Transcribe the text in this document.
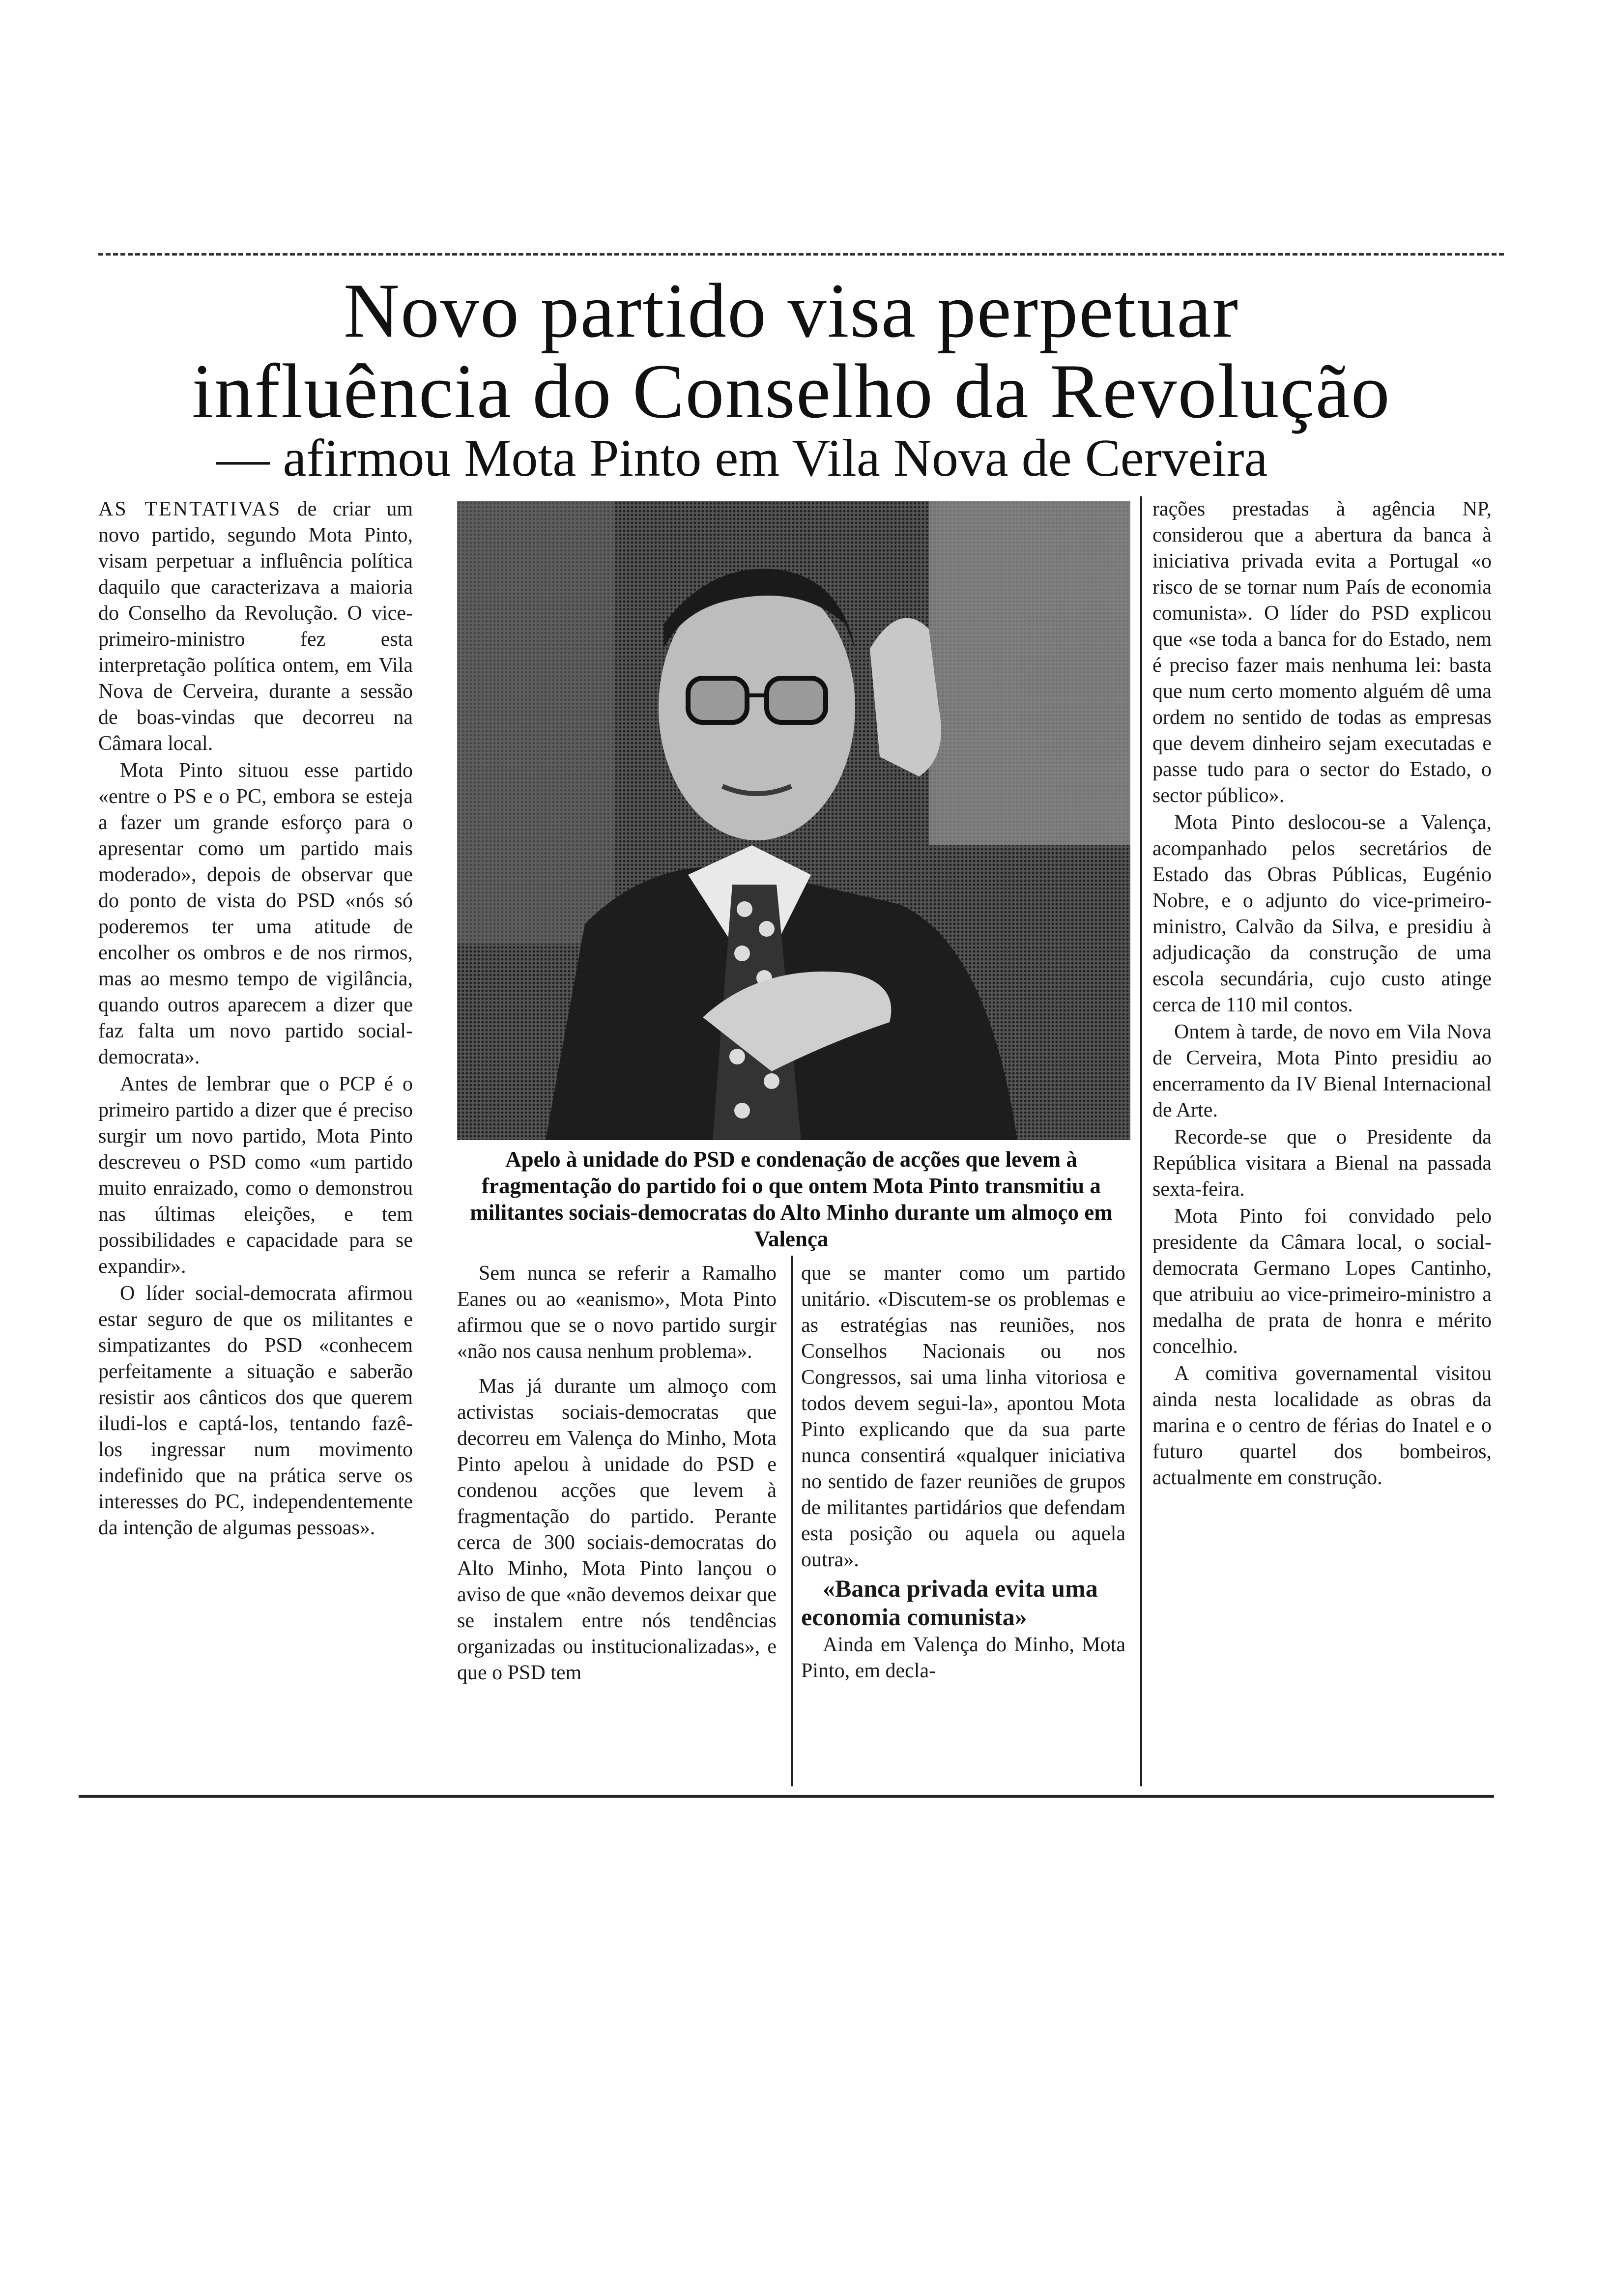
Novo partido visa perpetuar
influência do Conselho da Revolução
— afirmou Mota Pinto em Vila Nova de Cerveira

AS TENTATIVAS de criar um novo partido, segundo Mota Pinto, visam perpetuar a influência política daquilo que caracterizava a maioria do Conselho da Revolução. O vice-primeiro-ministro fez esta interpretação política ontem, em Vila Nova de Cerveira, durante a sessão de boas-vindas que decorreu na Câmara local.

Mota Pinto situou esse partido «entre o PS e o PC, embora se esteja a fazer um grande esforço para o apresentar como um partido mais moderado», depois de observar que do ponto de vista do PSD «nós só poderemos ter uma atitude de encolher os ombros e de nos rirmos, mas ao mesmo tempo de vigilância, quando outros aparecem a dizer que faz falta um novo partido social-democrata».

Antes de lembrar que o PCP é o primeiro partido a dizer que é preciso surgir um novo partido, Mota Pinto descreveu o PSD como «um partido muito enraizado, como o demonstrou nas últimas eleições, e tem possibilidades e capacidade para se expandir».

O líder social-democrata afirmou estar seguro de que os militantes e simpatizantes do PSD «conhecem perfeitamente a situação e saberão resistir aos cânticos dos que querem iludi-los e captá-los, tentando fazê-los ingressar num movimento indefinido que na prática serve os interesses do PC, independentemente da intenção de algumas pessoas».

Apelo à unidade do PSD e condenação de acções que levem à fragmentação do partido foi o que ontem Mota Pinto transmitiu a militantes sociais-democratas do Alto Minho durante um almoço em Valença

Sem nunca se referir a Ramalho Eanes ou ao «eanismo», Mota Pinto afirmou que se o novo partido surgir «não nos causa nenhum problema».

Mas já durante um almoço com activistas sociais-democratas que decorreu em Valença do Minho, Mota Pinto apelou à unidade do PSD e condenou acções que levem à fragmentação do partido. Perante cerca de 300 sociais-democratas do Alto Minho, Mota Pinto lançou o aviso de que «não devemos deixar que se instalem entre nós tendências organizadas ou institucionalizadas», e que o PSD tem

que se manter como um partido unitário. «Discutem-se os problemas e as estratégias nas reuniões, nos Conselhos Nacionais ou nos Congressos, sai uma linha vitoriosa e todos devem segui-la», apontou Mota Pinto explicando que da sua parte nunca consentirá «qualquer iniciativa no sentido de fazer reuniões de grupos de militantes partidários que defendam esta posição ou aquela ou aquela outra».

«Banca privada evita uma economia comunista»

Ainda em Valença do Minho, Mota Pinto, em decla-

rações prestadas à agência NP, considerou que a abertura da banca à iniciativa privada evita a Portugal «o risco de se tornar num País de economia comunista». O líder do PSD explicou que «se toda a banca for do Estado, nem é preciso fazer mais nenhuma lei: basta que num certo momento alguém dê uma ordem no sentido de todas as empresas que devem dinheiro sejam executadas e passe tudo para o sector do Estado, o sector público».

Mota Pinto deslocou-se a Valença, acompanhado pelos secretários de Estado das Obras Públicas, Eugénio Nobre, e o adjunto do vice-primeiro-ministro, Calvão da Silva, e presidiu à adjudicação da construção de uma escola secundária, cujo custo atinge cerca de 110 mil contos.

Ontem à tarde, de novo em Vila Nova de Cerveira, Mota Pinto presidiu ao encerramento da IV Bienal Internacional de Arte.

Recorde-se que o Presidente da República visitara a Bienal na passada sexta-feira.

Mota Pinto foi convidado pelo presidente da Câmara local, o social-democrata Germano Lopes Cantinho, que atribuiu ao vice-primeiro-ministro a medalha de prata de honra e mérito concelhio.

A comitiva governamental visitou ainda nesta localidade as obras da marina e o centro de férias do Inatel e o futuro quartel dos bombeiros, actualmente em construção.
